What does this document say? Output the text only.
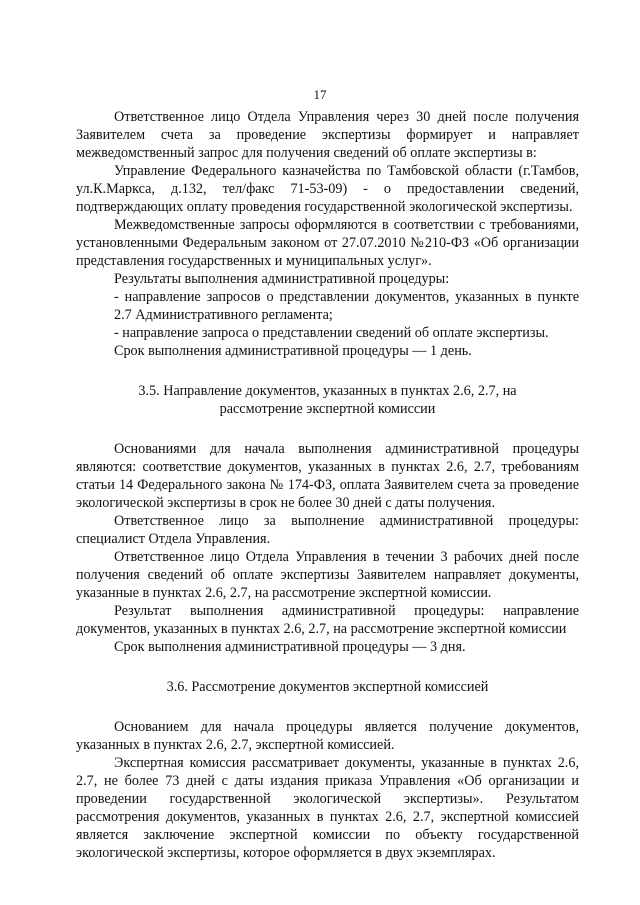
17

Ответственное лицо Отдела Управления через 30 дней после получения Заявителем счета за проведение экспертизы формирует и направляет межведомственный запрос для получения сведений об оплате экспертизы в:

Управление Федерального казначейства по Тамбовской области (г.Тамбов, ул.К.Маркса, д.132, тел/факс 71-53-09) - о предоставлении сведений, подтверждающих оплату проведения государственной экологической экспертизы.

Межведомственные запросы оформляются в соответствии с требованиями, установленными Федеральным законом от 27.07.2010 №210-ФЗ «Об организации представления государственных и муниципальных услуг».

Результаты выполнения административной процедуры:

- направление запросов о представлении документов, указанных в пункте 2.7 Административного регламента;

- направление запроса о представлении сведений об оплате экспертизы.

Срок выполнения административной процедуры — 1 день.

3.5. Направление документов, указанных в пунктах 2.6, 2.7, на
рассмотрение экспертной комиссии

Основаниями для начала выполнения административной процедуры являются: соответствие документов, указанных в пунктах 2.6, 2.7, требованиям статьи 14 Федерального закона № 174-ФЗ, оплата Заявителем счета за проведение экологической экспертизы в срок не более 30 дней с даты получения.

Ответственное лицо за выполнение административной процедуры: специалист Отдела Управления.

Ответственное лицо Отдела Управления в течении 3 рабочих дней после получения сведений об оплате экспертизы Заявителем направляет документы, указанные в пунктах 2.6, 2.7, на рассмотрение экспертной комиссии.

Результат выполнения административной процедуры: направление документов, указанных в пунктах 2.6, 2.7, на рассмотрение экспертной комиссии

Срок выполнения административной процедуры — 3 дня.

3.6. Рассмотрение документов экспертной комиссией

Основанием для начала процедуры является получение документов, указанных в пунктах 2.6, 2.7, экспертной комиссией.

Экспертная комиссия рассматривает документы, указанные в пунктах 2.6, 2.7, не более 73 дней с даты издания приказа Управления «Об организации и проведении государственной экологической экспертизы». Результатом рассмотрения документов, указанных в пунктах 2.6, 2.7, экспертной комиссией является заключение экспертной комиссии по объекту государственной экологической экспертизы, которое оформляется в двух экземплярах.
